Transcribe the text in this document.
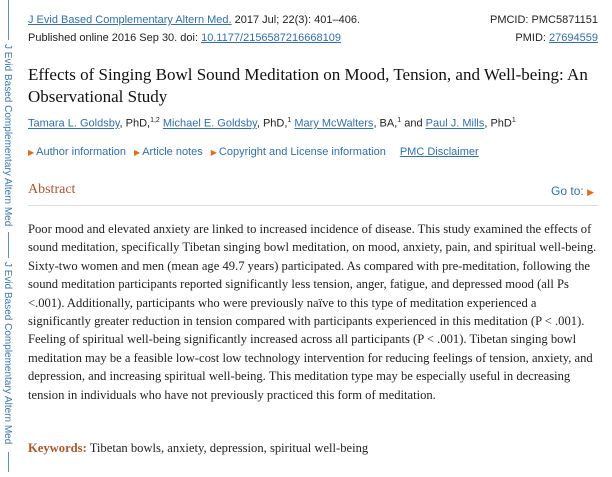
J Evid Based Complementary Altern Med
J Evid Based Complementary Altern Med
J Evid Based Complementary Altern Med. 2017 Jul; 22(3): 401–406.
Published online 2016 Sep 30. doi: 10.1177/2156587216668109
PMCID: PMC5871151
PMID: 27694559
Effects of Singing Bowl Sound Meditation on Mood, Tension, and Well-being: An Observational Study
Tamara L. Goldsby, PhD,$^{1,2}$ Michael E. Goldsby, PhD,$^1$ Mary McWalters, BA,$^1$ and Paul J. Mills, PhD$^1$
▶ Author information ▶ Article notes ▶ Copyright and License information PMC Disclaimer
Abstract	Go to: ▶

Poor mood and elevated anxiety are linked to increased incidence of disease. This study examined the effects of sound meditation, specifically Tibetan singing bowl meditation, on mood, anxiety, pain, and spiritual well-being. Sixty-two women and men (mean age 49.7 years) participated. As compared with pre-meditation, following the sound meditation participants reported significantly less tension, anger, fatigue, and depressed mood (all Ps <.001). Additionally, participants who were previously naïve to this type of meditation experienced a significantly greater reduction in tension compared with participants experienced in this meditation (P < .001). Feeling of spiritual well-being significantly increased across all participants (P < .001). Tibetan singing bowl meditation may be a feasible low-cost low technology intervention for reducing feelings of tension, anxiety, and depression, and increasing spiritual well-being. This meditation type may be especially useful in decreasing tension in individuals who have not previously practiced this form of meditation.

Keywords: Tibetan bowls, anxiety, depression, spiritual well-being
